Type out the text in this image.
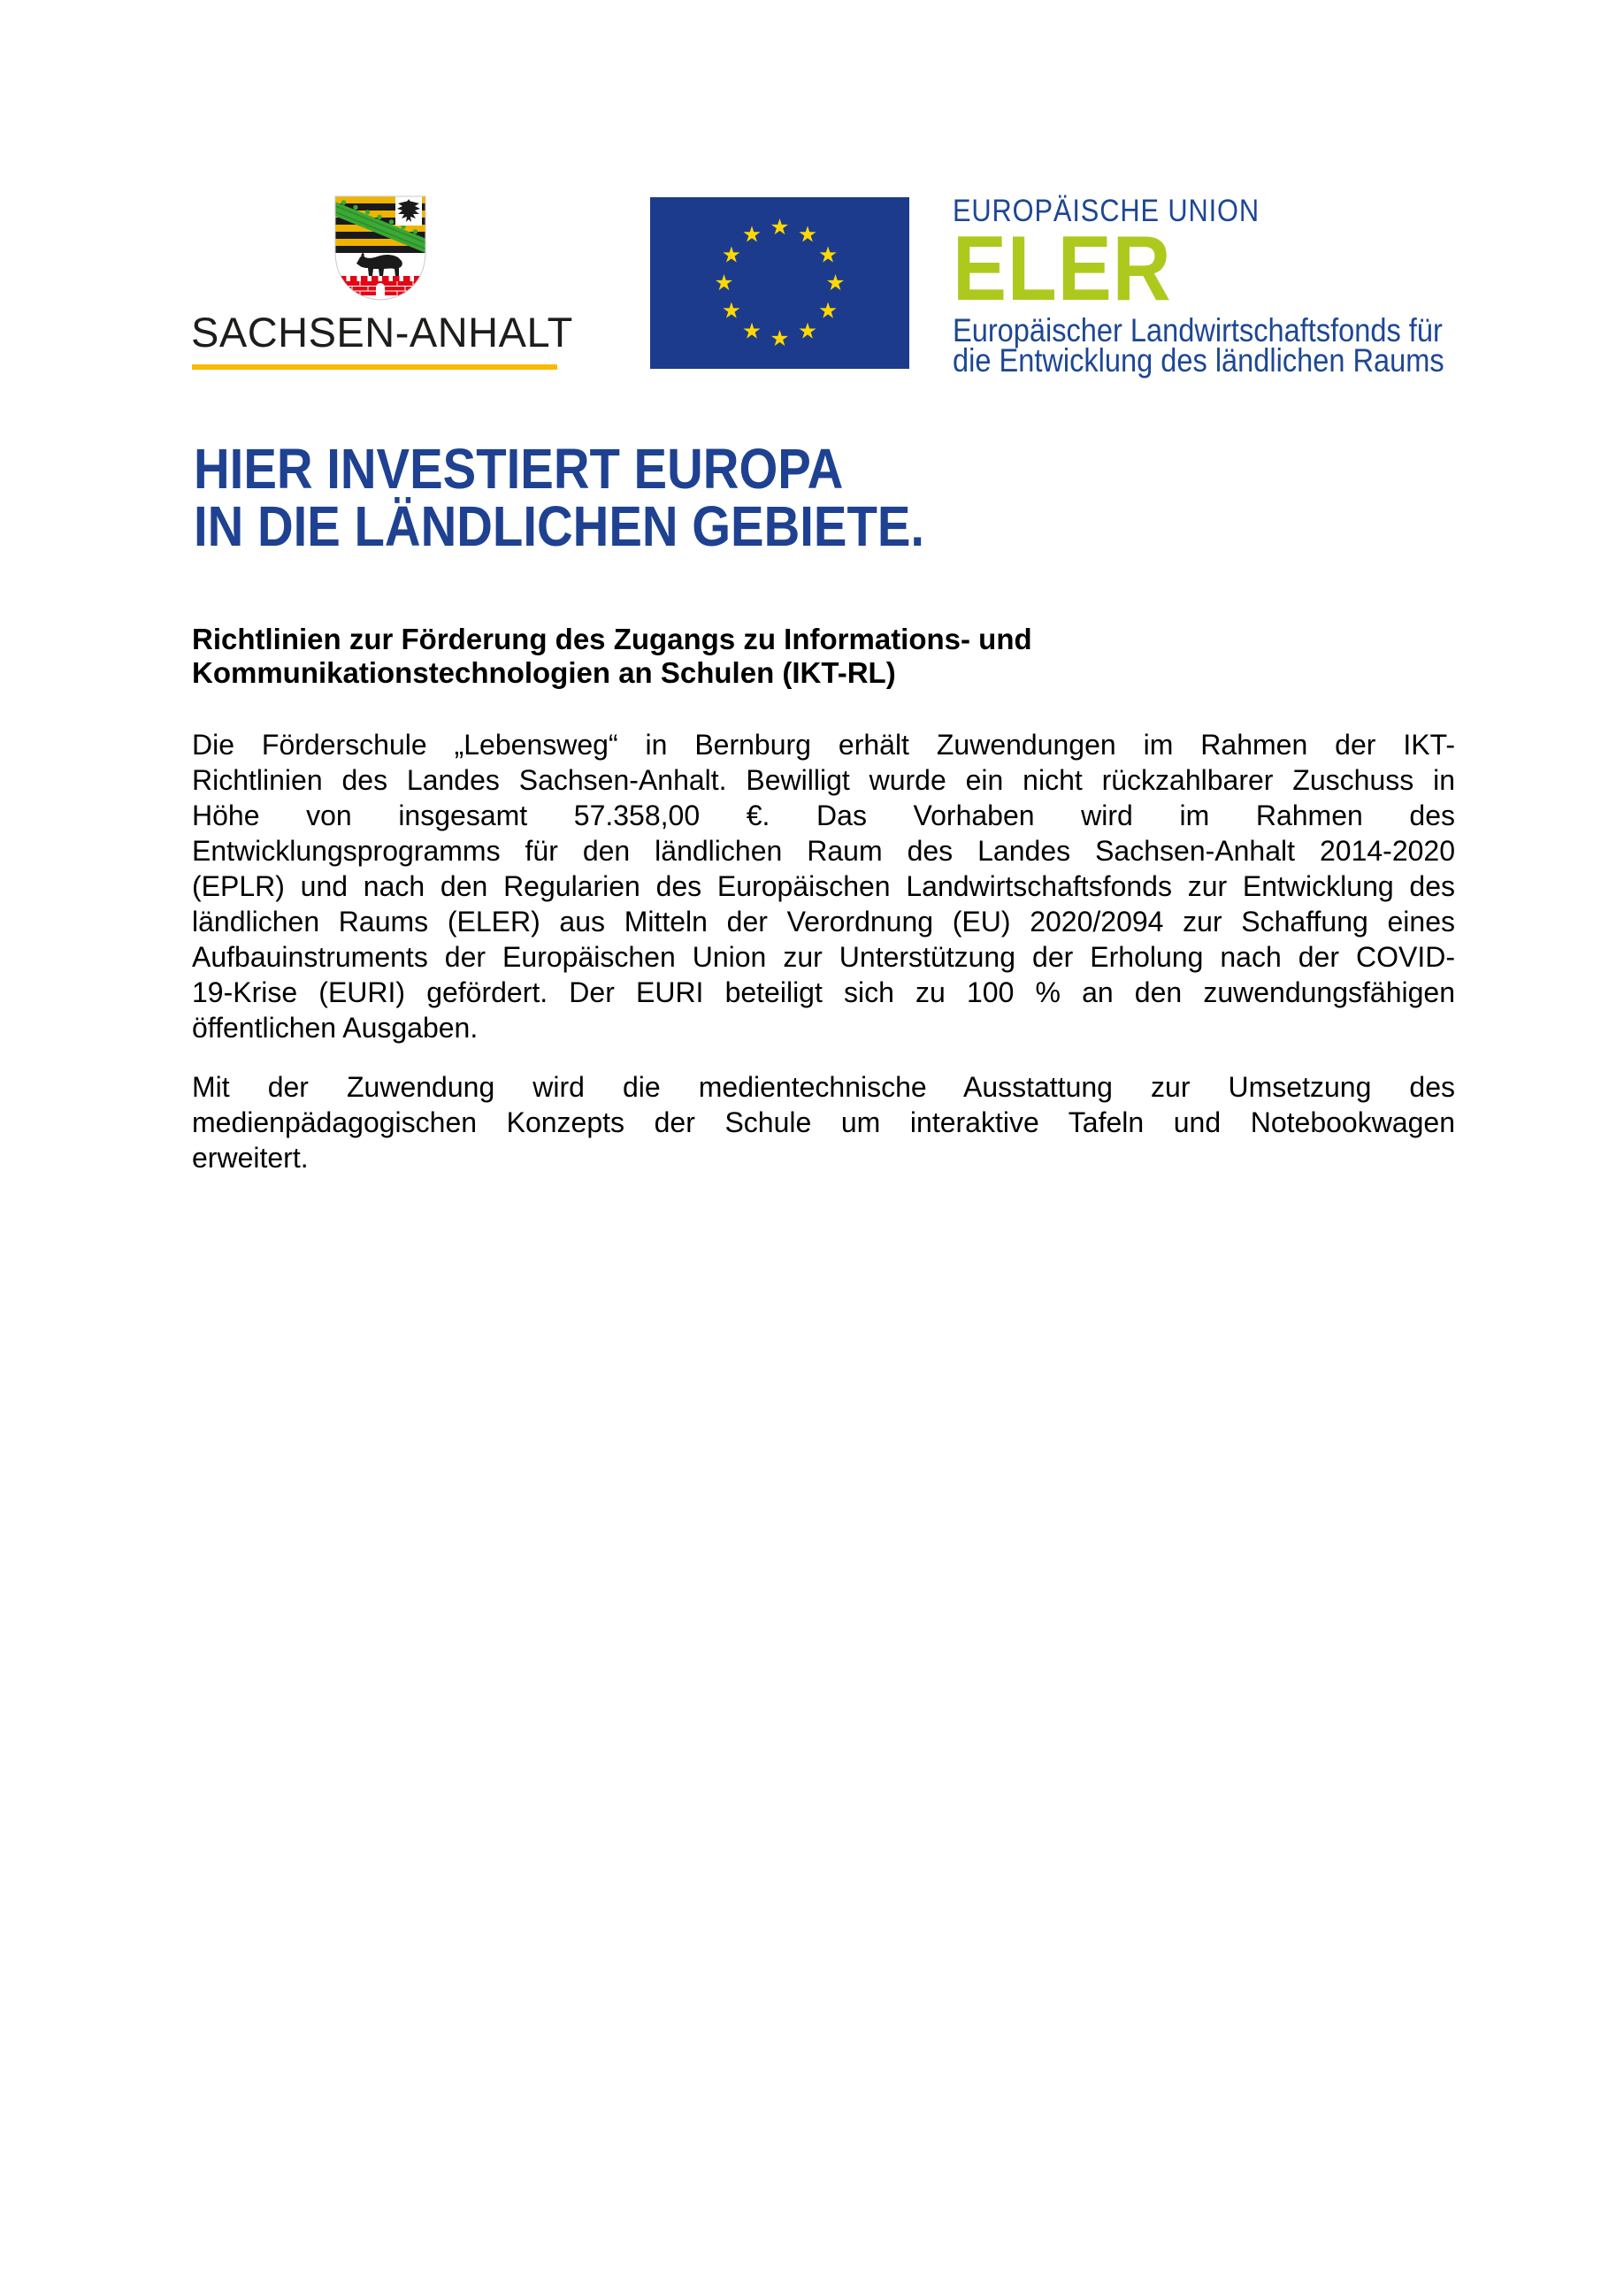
SACHSEN-ANHALT
EUROPÄISCHE UNION
ELER
Europäischer Landwirtschaftsfonds für
die Entwicklung des ländlichen Raums
HIER INVESTIERT EUROPA
IN DIE LÄNDLICHEN GEBIETE.
Richtlinien zur Förderung des Zugangs zu Informations- und
Kommunikationstechnologien an Schulen (IKT-RL)
Die Förderschule „Lebensweg“ in Bernburg erhält Zuwendungen im Rahmen der IKT-
Richtlinien des Landes Sachsen-Anhalt. Bewilligt wurde ein nicht rückzahlbarer Zuschuss in
Höhe von insgesamt 57.358,00 €. Das Vorhaben wird im Rahmen des
Entwicklungsprogramms für den ländlichen Raum des Landes Sachsen-Anhalt 2014-2020
(EPLR) und nach den Regularien des Europäischen Landwirtschaftsfonds zur Entwicklung des
ländlichen Raums (ELER) aus Mitteln der Verordnung (EU) 2020/2094 zur Schaffung eines
Aufbauinstruments der Europäischen Union zur Unterstützung der Erholung nach der COVID-
19-Krise (EURI) gefördert. Der EURI beteiligt sich zu 100 % an den zuwendungsfähigen
öffentlichen Ausgaben.
Mit der Zuwendung wird die medientechnische Ausstattung zur Umsetzung des
medienpädagogischen Konzepts der Schule um interaktive Tafeln und Notebookwagen
erweitert.
